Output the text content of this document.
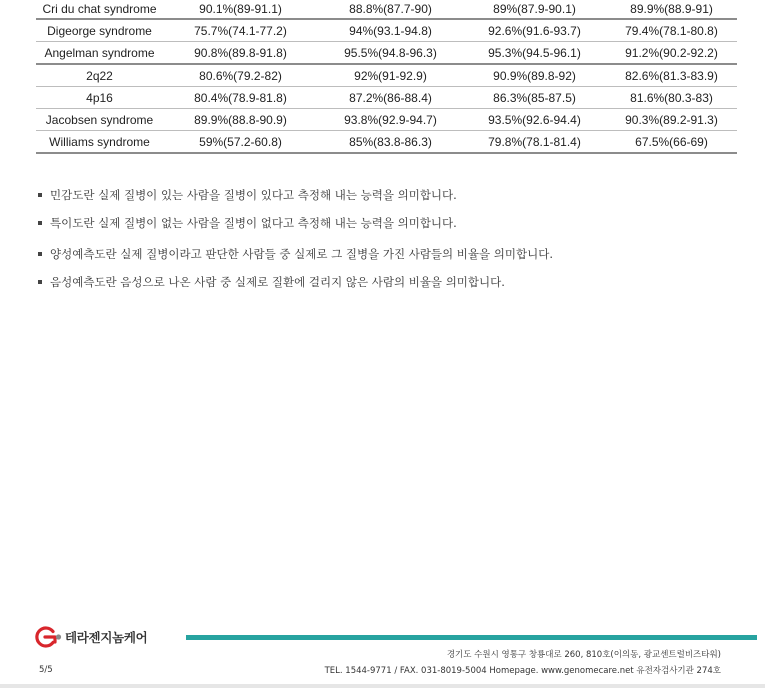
Cri du chat syndrome	90.1%(89-91.1)	88.8%(87.7-90)	89%(87.9-90.1)	89.9%(88.9-91)
Digeorge syndrome	75.7%(74.1-77.2)	94%(93.1-94.8)	92.6%(91.6-93.7)	79.4%(78.1-80.8)
Angelman syndrome	90.8%(89.8-91.8)	95.5%(94.8-96.3)	95.3%(94.5-96.1)	91.2%(90.2-92.2)
2q22	80.6%(79.2-82)	92%(91-92.9)	90.9%(89.8-92)	82.6%(81.3-83.9)
4p16	80.4%(78.9-81.8)	87.2%(86-88.4)	86.3%(85-87.5)	81.6%(80.3-83)
Jacobsen syndrome	89.9%(88.8-90.9)	93.8%(92.9-94.7)	93.5%(92.6-94.4)	90.3%(89.2-91.3)
Williams syndrome	59%(57.2-60.8)	85%(83.8-86.3)	79.8%(78.1-81.4)	67.5%(66-69)
민감도란 실제 질병이 있는 사람을 질병이 있다고 측정해 내는 능력을 의미합니다.
특이도란 실제 질병이 없는 사람을 질병이 없다고 측정해 내는 능력을 의미합니다.
양성예측도란 실제 질병이라고 판단한 사람들 중 실제로 그 질병을 가진 사람들의 비율을 의미합니다.
음성예측도란 음성으로 나온 사람 중 실제로 질환에 걸리지 않은 사람의 비율을 의미합니다.
테라젠지놈케어
경기도 수원시 영통구 창룡대로 260, 810호(이의동, 광교센트럴비즈타워)
TEL. 1544-9771 / FAX. 031-8019-5004 Homepage. www.genomecare.net 유전자검사기관 274호
5/5
